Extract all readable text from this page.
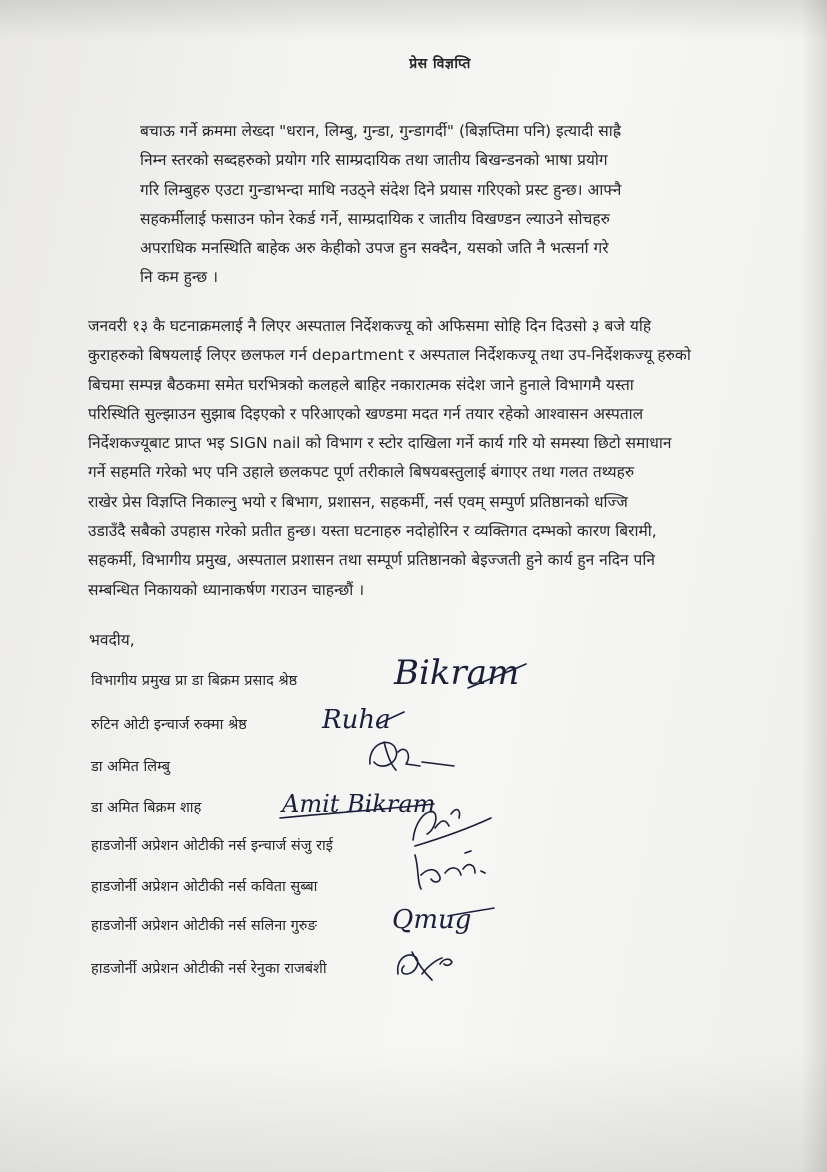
प्रेस विज्ञप्ति

बचाऊ गर्ने क्रममा लेख्दा "धरान, लिम्बु, गुन्डा, गुन्डागर्दी" (बिज्ञप्तिमा पनि) इत्यादी साह्रै
निम्न स्तरको सब्दहरुको प्रयोग गरि साम्प्रदायिक तथा जातीय बिखन्डनको भाषा प्रयोग
गरि लिम्बुहरु एउटा गुन्डाभन्दा माथि नउठ्ने संदेश दिने प्रयास गरिएको प्रस्ट हुन्छ। आफ्नै
सहकर्मीलाई फसाउन फोन रेकर्ड गर्ने, साम्प्रदायिक र जातीय विखण्डन ल्याउने सोचहरु
अपराधिक मनस्थिति बाहेक अरु केहीको उपज हुन सक्दैन, यसको जति नै भत्सर्ना गरे
नि कम हुन्छ ।

जनवरी १३ कै घटनाक्रमलाई नै लिएर अस्पताल निर्देशकज्यू को अफिसमा सोहि दिन दिउसो ३ बजे यहि
कुराहरुको बिषयलाई लिएर छलफल गर्न department र अस्पताल निर्देशकज्यू तथा उप-निर्देशकज्यू हरुको
बिचमा सम्पन्न बैठकमा समेत घरभित्रको कलहले बाहिर नकारात्मक संदेश जाने हुनाले विभागमै यस्ता
परिस्थिति सुल्झाउन सुझाब दिइएको र परिआएको खण्डमा मदत गर्न तयार रहेको आश्वासन अस्पताल
निर्देशकज्यूबाट प्राप्त भइ SIGN nail को विभाग र स्टोर दाखिला गर्ने कार्य गरि यो समस्या छिटो समाधान
गर्ने सहमति गरेको भए पनि उहाले छलकपट पूर्ण तरीकाले बिषयबस्तुलाई बंगाएर तथा गलत तथ्यहरु
राखेर प्रेस विज्ञप्ति निकाल्नु भयो र बिभाग, प्रशासन, सहकर्मी, नर्स एवम् सम्पुर्ण प्रतिष्ठानको धज्जि
उडाउँदै सबैको उपहास गरेको प्रतीत हुन्छ। यस्ता घटनाहरु नदोहोरिन र व्यक्तिगत दम्भको कारण बिरामी,
सहकर्मी, विभागीय प्रमुख, अस्पताल प्रशासन तथा सम्पूर्ण प्रतिष्ठानको बेइज्जती हुने कार्य हुन नदिन पनि
सम्बन्धित निकायको ध्यानाकर्षण गराउन चाहन्छौं ।

भवदीय,
विभागीय प्रमुख प्रा डा बिक्रम प्रसाद श्रेष्ठ
रुटिन ओटी इन्चार्ज रुक्मा श्रेष्ठ
डा अमित लिम्बु
डा अमित बिक्रम शाह
हाडजोर्नी अप्रेशन ओटीकी नर्स इन्चार्ज संजु राई
हाडजोर्नी अप्रेशन ओटीकी नर्स कविता सुब्बा
हाडजोर्नी अप्रेशन ओटीकी नर्स सलिना गुरुङ
हाडजोर्नी अप्रेशन ओटीकी नर्स रेनुका राजबंशी
Bikram
Ruha
Amit Bikram
Qmug
